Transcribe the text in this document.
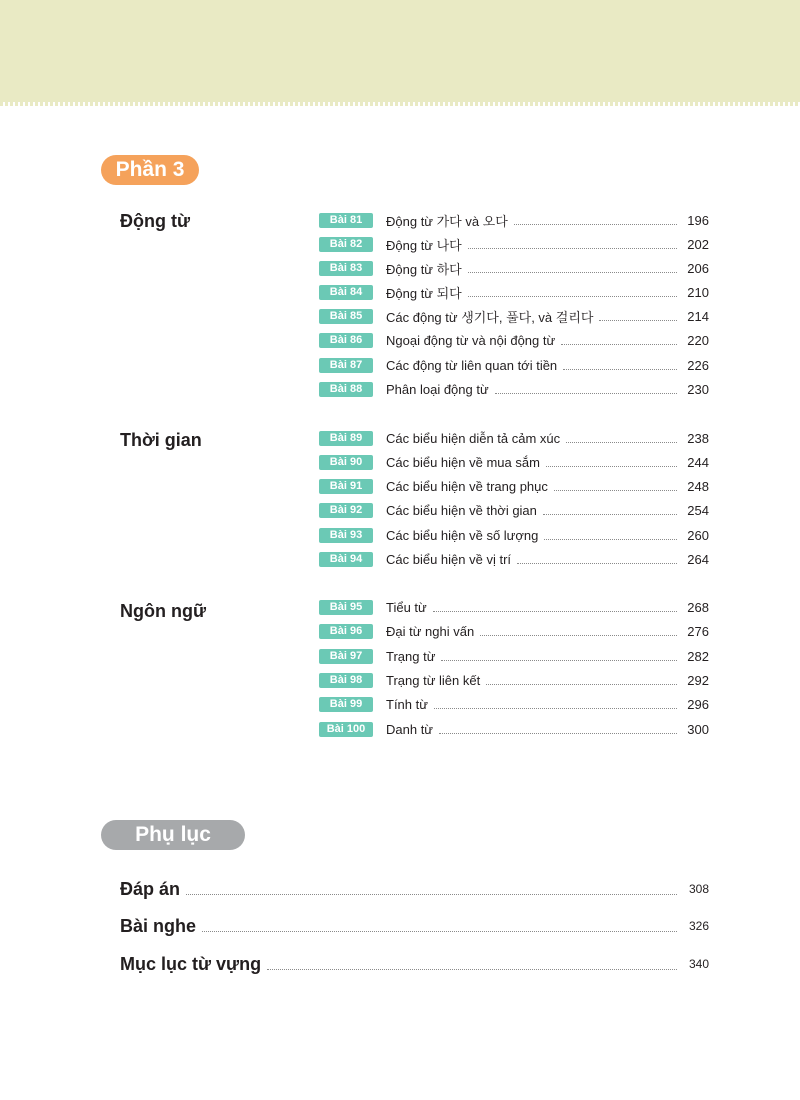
Phần 3
Động từ	Bài 81	Động từ 가다 và 오다	196
Bài 82	Động từ 나다	202
Bài 83	Động từ 하다	206
Bài 84	Động từ 되다	210
Bài 85	Các động từ 생기다, 풀다, và 걸리다	214
Bài 86	Ngoại động từ và nội động từ	220
Bài 87	Các động từ liên quan tới tiền	226
Bài 88	Phân loại động từ	230
Thời gian	Bài 89	Các biểu hiện diễn tả cảm xúc	238
Bài 90	Các biểu hiện về mua sắm	244
Bài 91	Các biểu hiện về trang phục	248
Bài 92	Các biểu hiện về thời gian	254
Bài 93	Các biểu hiện về số lượng	260
Bài 94	Các biểu hiện về vị trí	264
Ngôn ngữ	Bài 95	Tiểu từ	268
Bài 96	Đại từ nghi vấn	276
Bài 97	Trạng từ	282
Bài 98	Trạng từ liên kết	292
Bài 99	Tính từ	296
Bài 100	Danh từ	300
Phụ lục
Đáp án	308
Bài nghe	326
Mục lục từ vựng	340
